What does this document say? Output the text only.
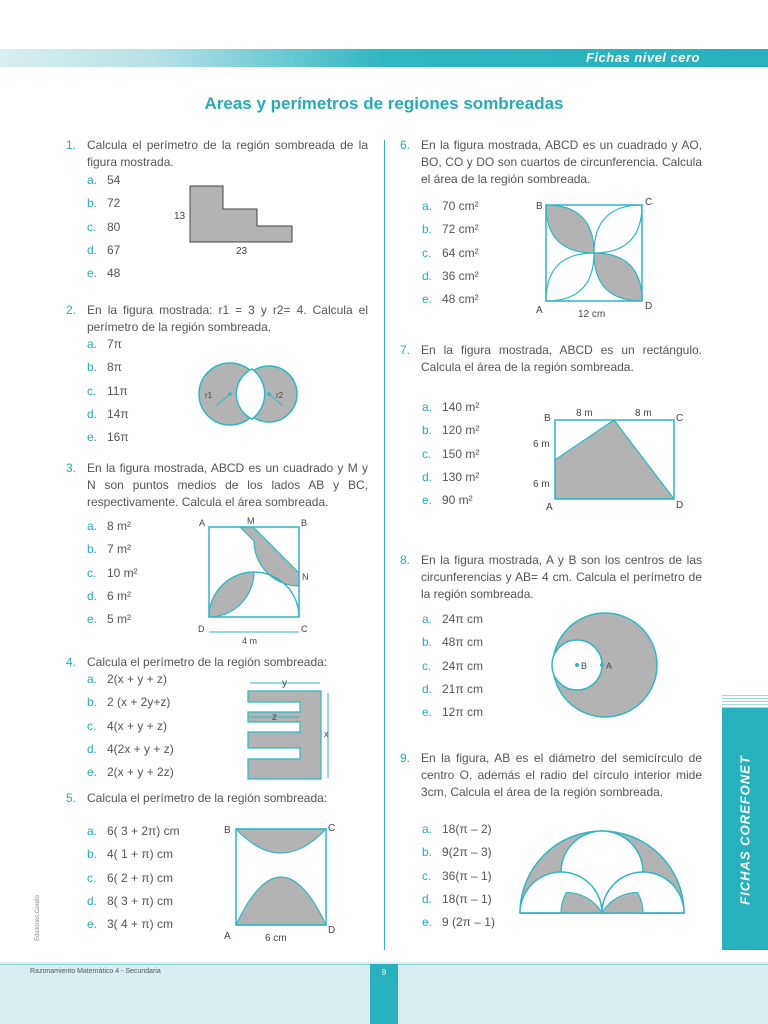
Fichas nivel cero
Areas y perímetros de regiones sombreadas
1. Calcula el perímetro de la región sombreada de la figura mostrada.
a. 54
b. 72
c. 80
d. 67
e. 48
13
23
2. En la figura mostrada: r1 = 3 y r2= 4. Calcula el perímetro de la región sombreada.
a. 7π
b. 8π
c. 11π
d. 14π
e. 16π
r1	r2
3. En la figura mostrada, ABCD es un cuadrado y M y N son puntos medios de los lados AB y BC, respectivamente. Calcula el área sombreada.
a. 8 m²
b. 7 m²
c. 10 m²
d. 6 m²
e. 5 m²
A	M	B
N
C
D
4 m
4. Calcula el perímetro de la región sombreada:
a. 2(x + y + z)
b. 2 (x + 2y+z)
c. 4(x + y + z)
d. 4(2x + y + z)
e. 2(x + y + 2z)
y
z
x
5. Calcula el perímetro de la región sombreada:
a. 6( 3 + 2π) cm
b. 4( 1 + π) cm
c. 6( 2 + π) cm
d. 8( 3 + π) cm
e. 3( 4 + π) cm
B	C
A
D
6 cm
6. En la figura mostrada, ABCD es un cuadrado y AO, BO, CO y DO son cuartos de circunferencia. Calcula el área de la región sombreada.
a. 70 cm²
b. 72 cm²
c. 64 cm²
d. 36 cm²
e. 48 cm²
B	C
A	D
12 cm
7. En la figura mostrada, ABCD es un rectángulo. Calcula el área de la región sombreada.
a. 140 m²
b. 120 m²
c. 150 m²
d. 130 m²
e. 90 m²
B	C
A	D
8 m	8 m
6 m
6 m
8. En la figura mostrada, A y B son los centros de las circunferencias y AB= 4 cm. Calcula el perímetro de la región sombreada.
a. 24π cm
b. 48π cm
c. 24π cm
d. 21π cm
e. 12π cm
B A
9. En la figura, AB es el diámetro del semicírculo de centro O, además el radio del círculo interior mide 3cm, Calcula el área de la región sombreada.
a. 18(π – 2)
b. 9(2π – 3)
c. 36(π – 1)
d. 18(π – 1)
e. 9 (2π – 1)
FICHAS COREFONET
Ediciones Corefo
Razonamiento Matemático 4 - Secundaria	9
